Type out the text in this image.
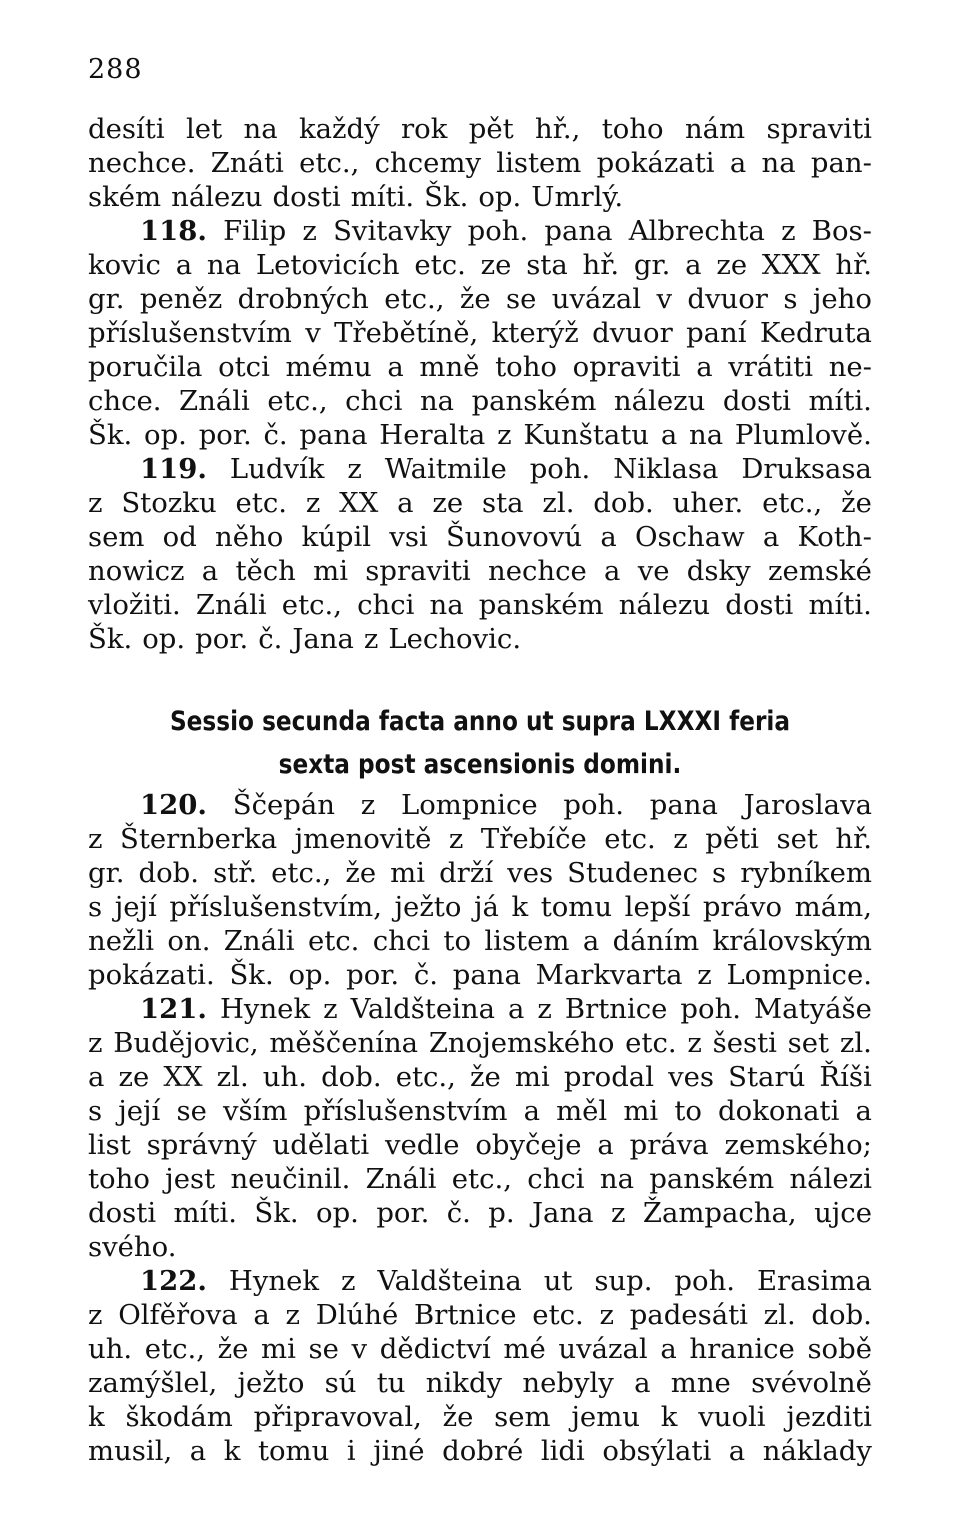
288
desíti let na každý rok pět hř., toho nám spraviti
nechce. Znáti etc., chcemy listem pokázati a na pan-
ském nálezu dosti míti. Šk. op. Umrlý.
118. Filip z Svitavky poh. pana Albrechta z Bos-
kovic a na Letovicích etc. ze sta hř. gr. a ze XXX hř.
gr. peněz drobných etc., že se uvázal v dvuor s jeho
příslušenstvím v Třebětíně, kterýž dvuor paní Kedruta
poručila otci mému a mně toho opraviti a vrátiti ne-
chce. Ználi etc., chci na panském nálezu dosti míti.
Šk. op. por. č. pana Heralta z Kunštatu a na Plumlově.
119. Ludvík z Waitmile poh. Niklasa Druksasa
z Stozku etc. z XX a ze sta zl. dob. uher. etc., že
sem od něho kúpil vsi Šunovovú a Oschaw a Koth-
nowicz a těch mi spraviti nechce a ve dsky zemské
vložiti. Ználi etc., chci na panském nálezu dosti míti.
Šk. op. por. č. Jana z Lechovic.
Sessio secunda facta anno ut supra LXXXI feria
sexta post ascensionis domini.
120. Ščepán z Lompnice poh. pana Jaroslava
z Šternberka jmenovitě z Třebíče etc. z pěti set hř.
gr. dob. stř. etc., že mi drží ves Studenec s rybníkem
s její příslušenstvím, ježto já k tomu lepší právo mám,
nežli on. Ználi etc. chci to listem a dáním královským
pokázati. Šk. op. por. č. pana Markvarta z Lompnice.
121. Hynek z Valdšteina a z Brtnice poh. Matyáše
z Budějovic, měščenína Znojemského etc. z šesti set zl.
a ze XX zl. uh. dob. etc., že mi prodal ves Starú Říši
s její se vším příslušenstvím a měl mi to dokonati a
list správný udělati vedle obyčeje a práva zemského;
toho jest neučinil. Ználi etc., chci na panském nálezi
dosti míti. Šk. op. por. č. p. Jana z Žampacha, ujce
svého.
122. Hynek z Valdšteina ut sup. poh. Erasima
z Olfěřova a z Dlúhé Brtnice etc. z padesáti zl. dob.
uh. etc., že mi se v dědictví mé uvázal a hranice sobě
zamýšlel, ježto sú tu nikdy nebyly a mne svévolně
k škodám připravoval, že sem jemu k vuoli jezditi
musil, a k tomu i jiné dobré lidi obsýlati a náklady
